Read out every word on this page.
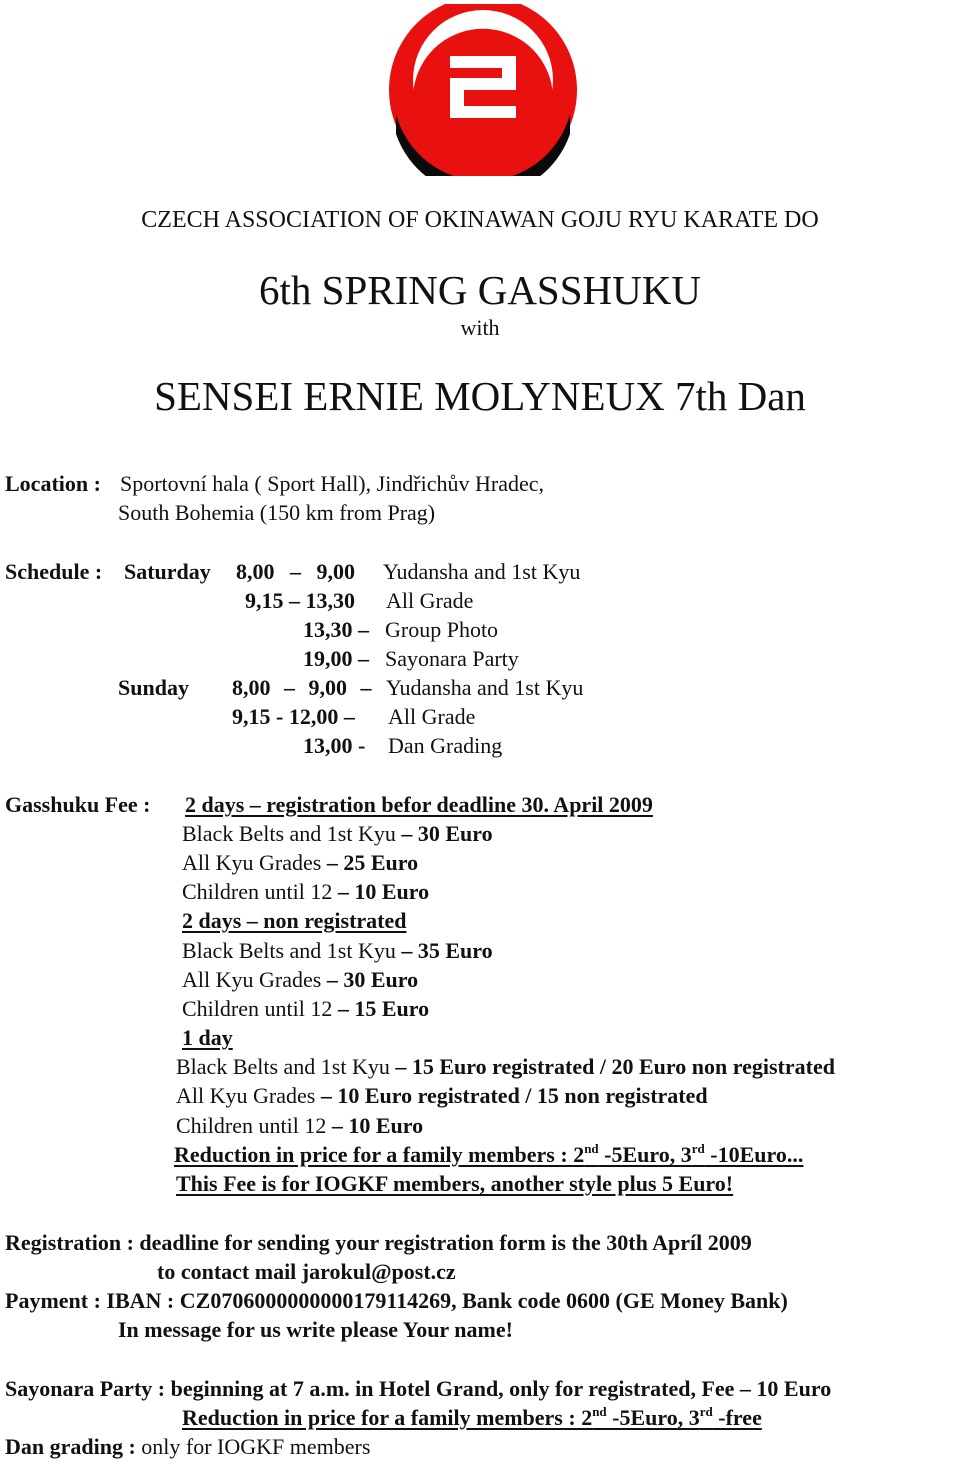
CZECH ASSOCIATION OF OKINAWAN GOJU RYU KARATE DO
6th SPRING GASSHUKU
with
SENSEI ERNIE MOLYNEUX 7th Dan
Location : Sportovní hala ( Sport Hall), Jindřichův Hradec,
South Bohemia (150 km from Prag)
Schedule : Saturday 8,00 – 9,00 Yudansha and 1st Kyu
9,15 – 13,30 All Grade
13,30 – Group Photo
19,00 – Sayonara Party
Sunday 8,00 – 9,00 – Yudansha and 1st Kyu
9,15 - 12,00 – All Grade
13,00 - Dan Grading
Gasshuku Fee : 2 days – registration befor deadline 30. April 2009
Black Belts and 1st Kyu – 30 Euro
All Kyu Grades – 25 Euro
Children until 12 – 10 Euro
2 days – non registrated
Black Belts and 1st Kyu – 35 Euro
All Kyu Grades – 30 Euro
Children until 12 – 15 Euro
1 day
Black Belts and 1st Kyu – 15 Euro registrated / 20 Euro non registrated
All Kyu Grades – 10 Euro registrated / 15 non registrated
Children until 12 – 10 Euro
Reduction in price for a family members : 2nd -5Euro, 3rd -10Euro...
This Fee is for IOGKF members, another style plus 5 Euro!
Registration : deadline for sending your registration form is the 30th Apríl 2009
to contact mail jarokul@post.cz
Payment : IBAN : CZ0706000000000179114269, Bank code 0600 (GE Money Bank)
In message for us write please Your name!
Sayonara Party : beginning at 7 a.m. in Hotel Grand, only for registrated, Fee – 10 Euro
Reduction in price for a family members : 2nd -5Euro, 3rd -free
Dan grading : only for IOGKF members
